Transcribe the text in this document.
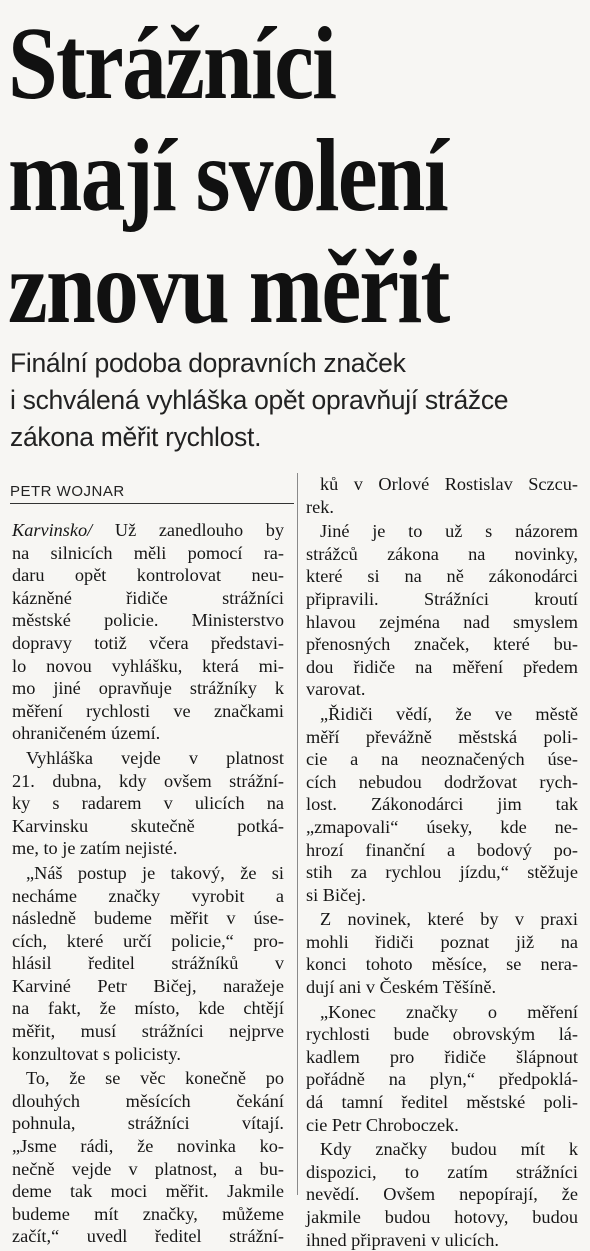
Strážníci
mají svolení
znovu měřit
Finální podoba dopravních značek
i schválená vyhláška opět opravňují strážce
zákona měřit rychlost.
PETR WOJNAR
Karvinsko/ Už zanedlouho by
na silnicích měli pomocí ra-
daru opět kontrolovat neu-
kázněné řidiče strážníci
městské policie. Ministerstvo
dopravy totiž včera představi-
lo novou vyhlášku, která mi-
mo jiné opravňuje strážníky k
měření rychlosti ve značkami
ohraničeném území.
Vyhláška vejde v platnost
21. dubna, kdy ovšem strážní-
ky s radarem v ulicích na
Karvinsku skutečně potká-
me, to je zatím nejisté.
„Náš postup je takový, že si
necháme značky vyrobit a
následně budeme měřit v úse-
cích, které určí policie,“ pro-
hlásil ředitel strážníků v
Karviné Petr Bičej, naražeje
na fakt, že místo, kde chtějí
měřit, musí strážníci nejprve
konzultovat s policisty.
To, že se věc konečně po
dlouhých měsících čekání
pohnula, strážníci vítají.
„Jsme rádi, že novinka ko-
nečně vejde v platnost, a bu-
deme tak moci měřit. Jakmile
budeme mít značky, můžeme
začít,“ uvedl ředitel strážní-
ků v Orlové Rostislav Sczcu-
rek.
Jiné je to už s názorem
strážců zákona na novinky,
které si na ně zákonodárci
připravili. Strážníci kroutí
hlavou zejména nad smyslem
přenosných značek, které bu-
dou řidiče na měření předem
varovat.
„Řidiči vědí, že ve městě
měří převážně městská poli-
cie a na neoznačených úse-
cích nebudou dodržovat rych-
lost. Zákonodárci jim tak
„zmapovali“ úseky, kde ne-
hrozí finanční a bodový po-
stih za rychlou jízdu,“ stěžuje
si Bičej.
Z novinek, které by v praxi
mohli řidiči poznat již na
konci tohoto měsíce, se nera-
dují ani v Českém Těšíně.
„Konec značky o měření
rychlosti bude obrovským lá-
kadlem pro řidiče šlápnout
pořádně na plyn,“ předpoklá-
dá tamní ředitel městské poli-
cie Petr Chroboczek.
Kdy značky budou mít k
dispozici, to zatím strážníci
nevědí. Ovšem nepopírají, že
jakmile budou hotovy, budou
ihned připraveni v ulicích.
